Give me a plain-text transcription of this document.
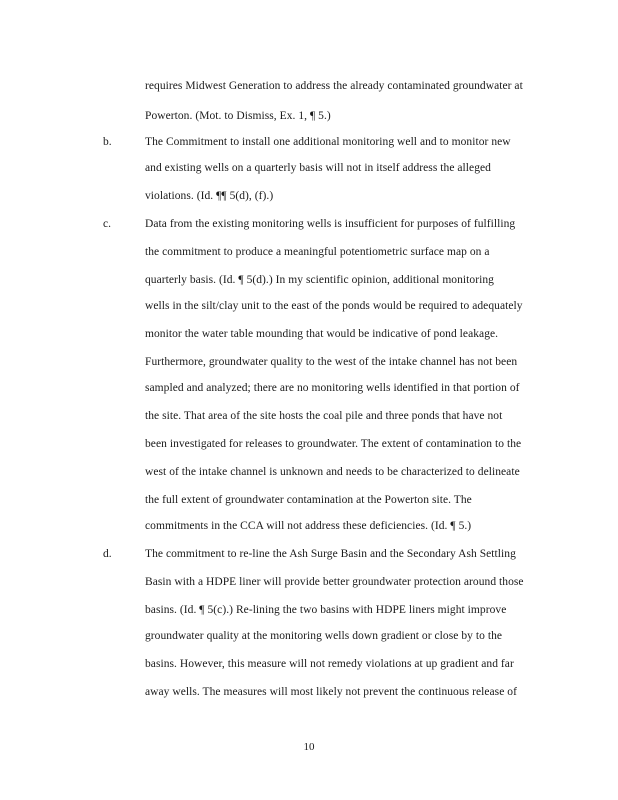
requires Midwest Generation to address the already contaminated groundwater at
Powerton. (Mot. to Dismiss, Ex. 1, ¶ 5.)
b.	The Commitment to install one additional monitoring well and to monitor new
and existing wells on a quarterly basis will not in itself address the alleged
violations. (Id. ¶¶ 5(d), (f).)
c.	Data from the existing monitoring wells is insufficient for purposes of fulfilling
the commitment to produce a meaningful potentiometric surface map on a
quarterly basis. (Id. ¶ 5(d).) In my scientific opinion, additional monitoring
wells in the silt/clay unit to the east of the ponds would be required to adequately
monitor the water table mounding that would be indicative of pond leakage.
Furthermore, groundwater quality to the west of the intake channel has not been
sampled and analyzed; there are no monitoring wells identified in that portion of
the site. That area of the site hosts the coal pile and three ponds that have not
been investigated for releases to groundwater. The extent of contamination to the
west of the intake channel is unknown and needs to be characterized to delineate
the full extent of groundwater contamination at the Powerton site. The
commitments in the CCA will not address these deficiencies. (Id. ¶ 5.)
d.	The commitment to re-line the Ash Surge Basin and the Secondary Ash Settling
Basin with a HDPE liner will provide better groundwater protection around those
basins. (Id. ¶ 5(c).) Re-lining the two basins with HDPE liners might improve
groundwater quality at the monitoring wells down gradient or close by to the
basins. However, this measure will not remedy violations at up gradient and far
away wells. The measures will most likely not prevent the continuous release of
10
